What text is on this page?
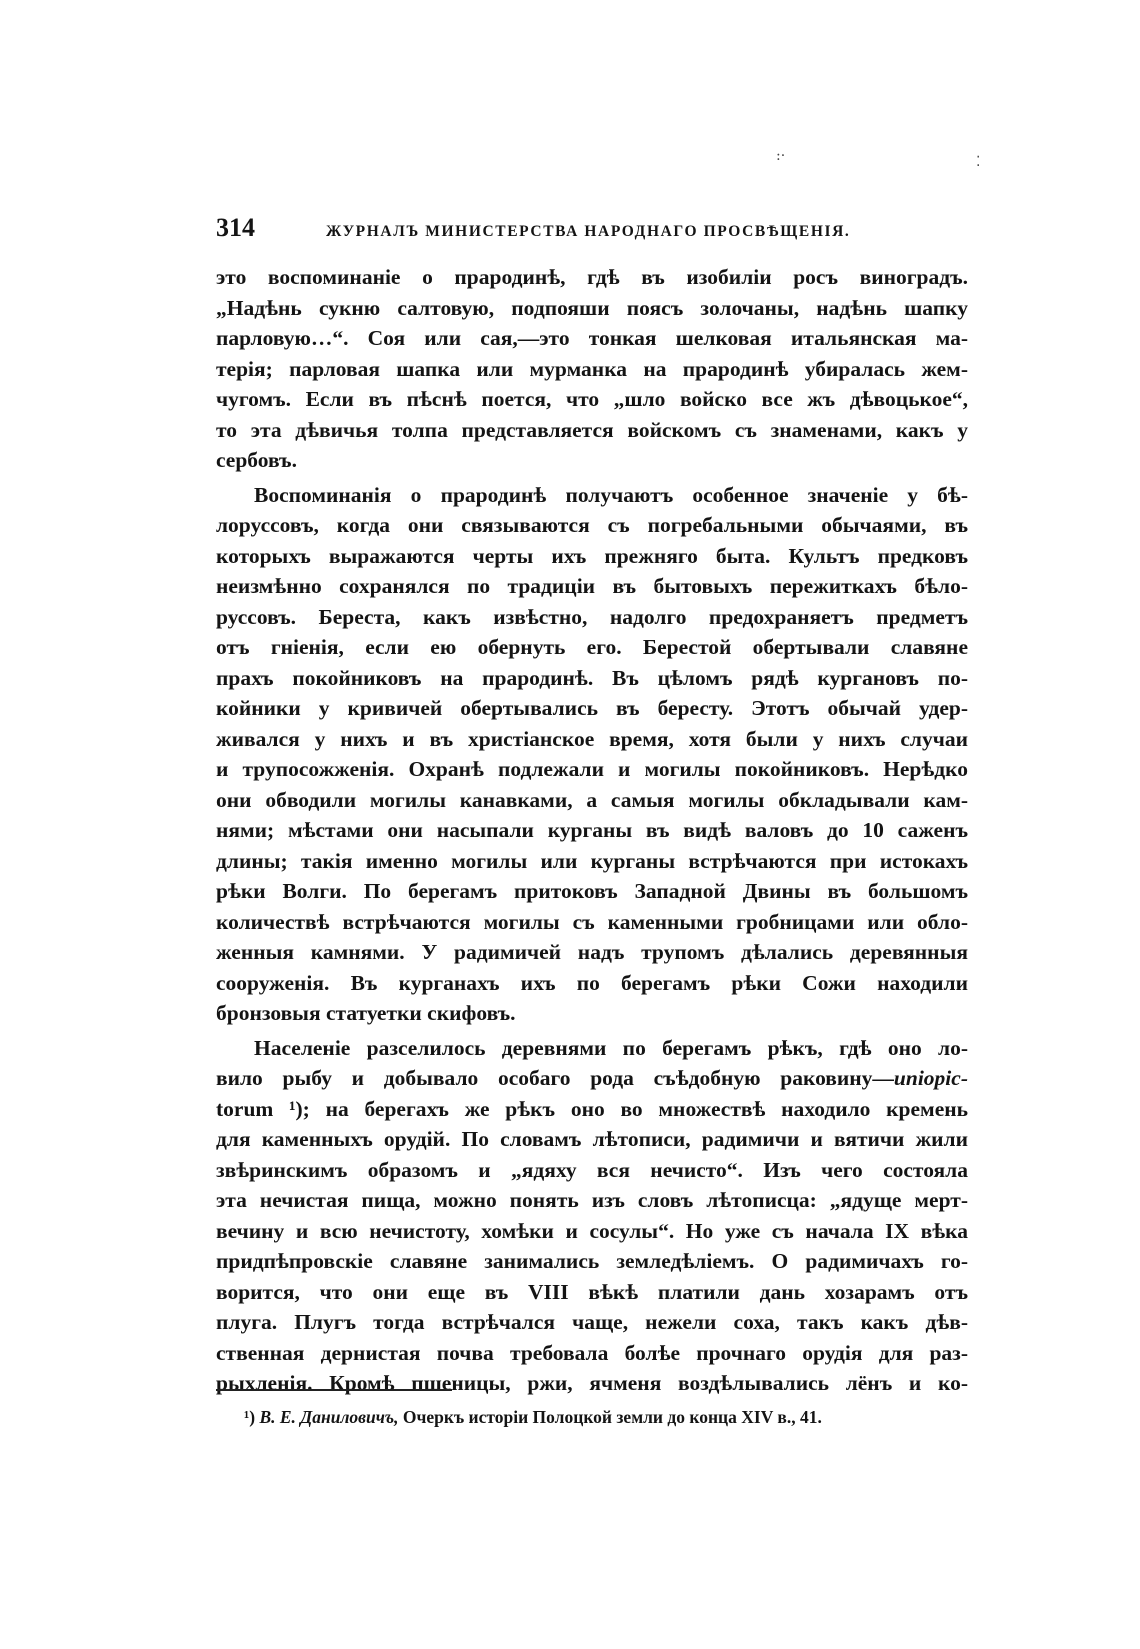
:·	⁚
314	ЖУРНАЛЪ МИНИСТЕРСТВА НАРОДНАГО ПРОСВѢЩЕНІЯ.
это воспоминаніе о прародинѣ, гдѣ въ изобиліи росъ виноградъ.
„Надѣнь сукню салтовую, подпояши поясъ золочаны, надѣнь шапку
парловую…“. Соя или сая,—это тонкая шелковая итальянская ма-
терія; парловая шапка или мурманка на прародинѣ убиралась жем-
чугомъ. Если въ пѣснѣ поется, что „шло войско все жъ дѣвоцькое“,
то эта дѣвичья толпа представляется войскомъ съ знаменами, какъ у
сербовъ.
Воспоминанія о прародинѣ получаютъ особенное значеніе у бѣ-
лоруссовъ, когда они связываются съ погребальными обычаями, въ
которыхъ выражаются черты ихъ прежняго быта. Культъ предковъ
неизмѣнно сохранялся по традиціи въ бытовыхъ пережиткахъ бѣло-
руссовъ. Береста, какъ извѣстно, надолго предохраняетъ предметъ
отъ гніенія, если ею обернуть его. Берестой обертывали славяне
прахъ покойниковъ на прародинѣ. Въ цѣломъ рядѣ кургановъ по-
койники у кривичей обертывались въ бересту. Этотъ обычай удер-
живался у нихъ и въ христіанское время, хотя были у нихъ случаи
и трупосожженія. Охранѣ подлежали и могилы покойниковъ. Нерѣдко
они обводили могилы канавками, а самыя могилы обкладывали кам-
нями; мѣстами они насыпали курганы въ видѣ валовъ до 10 саженъ
длины; такія именно могилы или курганы встрѣчаются при истокахъ
рѣки Волги. По берегамъ притоковъ Западной Двины въ большомъ
количествѣ встрѣчаются могилы съ каменными гробницами или обло-
женныя камнями. У радимичей надъ трупомъ дѣлались деревянныя
сооруженія. Въ курганахъ ихъ по берегамъ рѣки Сожи находили
бронзовыя статуетки скифовъ.
Населеніе разселилось деревнями по берегамъ рѣкъ, гдѣ оно ло-
вило рыбу и добывало особаго рода съѣдобную раковину—uniopic-
torum ¹); на берегахъ же рѣкъ оно во множествѣ находило кремень
для каменныхъ орудій. По словамъ лѣтописи, радимичи и вятичи жили
звѣринскимъ образомъ и „ядяху вся нечисто“. Изъ чего состояла
эта нечистая пища, можно понять изъ словъ лѣтописца: „ядуще мерт-
вечину и всю нечистоту, хомѣки и сосулы“. Но уже съ начала IX вѣка
придпѣпровскіе славяне занимались земледѣліемъ. О радимичахъ го-
ворится, что они еще въ VIII вѣкѣ платили дань хозарамъ отъ
плуга. Плугъ тогда встрѣчался чаще, нежели соха, такъ какъ дѣв-
ственная дернистая почва требовала болѣе прочнаго орудія для раз-
рыхленія. Кромѣ пшеницы, ржи, ячменя воздѣлывались лёнъ и ко-
¹) В. Е. Даниловичъ, Очеркъ исторіи Полоцкой земли до конца XIV в., 41.
